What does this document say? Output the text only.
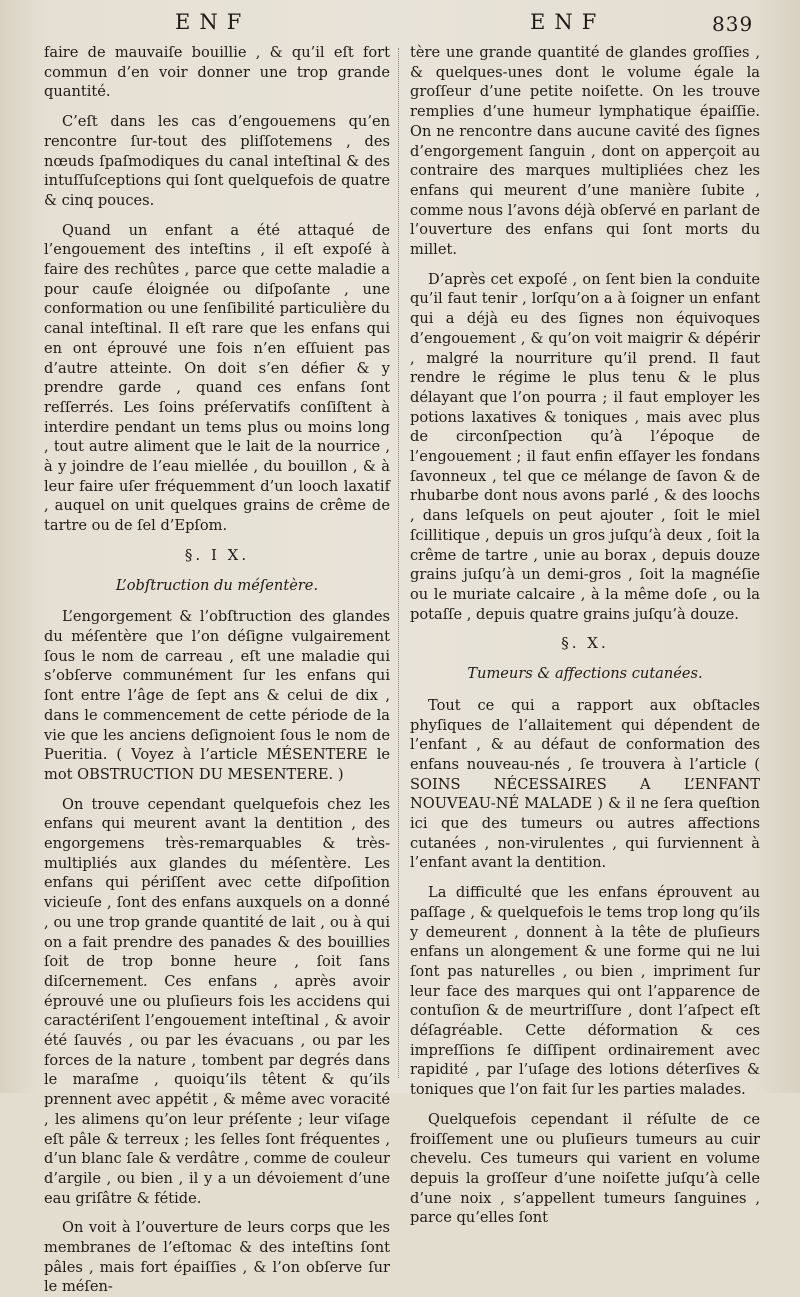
ENF	ENF	839

faire de mauvaiſe bouillie , & qu’il eſt fort commun d’en voir donner une trop grande quantité.

C’eſt dans les cas d’engouemens qu’en rencontre ſur-tout des pliſſotemens , des nœuds ſpaſmodiques du canal inteſtinal & des intuſſuſceptions qui ſont quelquefois de quatre & cinq pouces.

Quand un enfant a été attaqué de l’engouement des inteſtins , il eſt expoſé à faire des rechûtes , parce que cette maladie a pour cauſe éloignée ou diſpoſante , une conformation ou une ſenſibilité particulière du canal inteſtinal. Il eſt rare que les enfans qui en ont éprouvé une fois n’en eſſuient pas d’autre atteinte. On doit s’en défier & y prendre garde , quand ces enfans ſont reſſerrés. Les ſoins préſervatifs conſiſtent à interdire pendant un tems plus ou moins long , tout autre aliment que le lait de la nourrice , à y joindre de l’eau miellée , du bouillon , & à leur faire uſer fréquemment d’un looch laxatif , auquel on unit quelques grains de crême de tartre ou de ſel d’Epſom.

§. I X.

L’obſtruction du méſentère.

L’engorgement & l’obſtruction des glandes du méſentère que l’on déſigne vulgairement ſous le nom de carreau , eſt une maladie qui s’obſerve communément ſur les enfans qui ſont entre l’âge de ſept ans & celui de dix , dans le commencement de cette période de la vie que les anciens deſignoient ſous le nom de Pueritia. ( Voyez à l’article MÉSENTERE le mot OBSTRUCTION DU MESENTERE. )

On trouve cependant quelquefois chez les enfans qui meurent avant la dentition , des engorgemens très-remarquables & très-multipliés aux glandes du méſentère. Les enfans qui périſſent avec cette diſpoſition vicieuſe , ſont des enfans auxquels on a donné , ou une trop grande quantité de lait , ou à qui on a fait prendre des panades & des bouillies ſoit de trop bonne heure , ſoit ſans diſcernement. Ces enfans , après avoir éprouvé une ou pluſieurs fois les accidens qui caractériſent l’engouement inteſtinal , & avoir été ſauvés , ou par les évacuans , ou par les forces de la nature , tombent par degrés dans le maraſme , quoiqu’ils têtent & qu’ils prennent avec appétit , & même avec voracité , les alimens qu’on leur préſente ; leur viſage eſt pâle & terreux ; les ſelles ſont fréquentes , d’un blanc ſale & verdâtre , comme de couleur d’argile , ou bien , il y a un dévoiement d’une eau griſâtre & fétide.

On voit à l’ouverture de leurs corps que les membranes de l’eſtomac & des inteſtins ſont pâles , mais fort épaiſſies , & l’on obſerve ſur le méſen-

tère une grande quantité de glandes groſſies , & quelques-unes dont le volume égale la groſſeur d’une petite noiſette. On les trouve remplies d’une humeur lymphatique épaiſſie. On ne rencontre dans aucune cavité des ſignes d’engorgement ſanguin , dont on apperçoit au contraire des marques multipliées chez les enfans qui meurent d’une manière ſubite , comme nous l’avons déjà obſervé en parlant de l’ouverture des enfans qui ſont morts du millet.

D’après cet expoſé , on ſent bien la conduite qu’il faut tenir , lorſqu’on a à ſoigner un enfant qui a déjà eu des ſignes non équivoques d’engouement , & qu’on voit maigrir & dépérir , malgré la nourriture qu’il prend. Il faut rendre le régime le plus tenu & le plus délayant que l’on pourra ; il faut employer les potions laxatives & toniques , mais avec plus de circonſpection qu’à l’époque de l’engouement ; il faut enfin eſſayer les fondans ſavonneux , tel que ce mélange de ſavon & de rhubarbe dont nous avons parlé , & des loochs , dans leſquels on peut ajouter , ſoit le miel ſcillitique , depuis un gros juſqu’à deux , ſoit la crême de tartre , unie au borax , depuis douze grains juſqu’à un demi-gros , ſoit la magnéſie ou le muriate calcaire , à la même doſe , ou la potaſſe , depuis quatre grains juſqu’à douze.

§. X.

Tumeurs & affections cutanées.

Tout ce qui a rapport aux obſtacles phyſiques de l’allaitement qui dépendent de l’enfant , & au défaut de conformation des enfans nouveau-nés , ſe trouvera à l’article ( SOINS NÉCESSAIRES A L’ENFANT NOUVEAU-NÉ MALADE ) & il ne ſera queſtion ici que des tumeurs ou autres affections cutanées , non-virulentes , qui ſurviennent à l’enfant avant la dentition.

La difficulté que les enfans éprouvent au paſſage , & quelquefois le tems trop long qu’ils y demeurent , donnent à la tête de pluſieurs enfans un alongement & une forme qui ne lui ſont pas naturelles , ou bien , impriment ſur leur face des marques qui ont l’apparence de contuſion & de meurtriſſure , dont l’aſpect eſt déſagréable. Cette déformation & ces impreſſions ſe diſſipent ordinairement avec rapidité , par l’uſage des lotions déterſives & toniques que l’on fait ſur les parties malades.

Quelquefois cependant il réſulte de ce froiſſement une ou pluſieurs tumeurs au cuir chevelu. Ces tumeurs qui varient en volume depuis la groſſeur d’une noiſette juſqu’à celle d’une noix , s’appellent tumeurs ſanguines , parce qu’elles ſont
